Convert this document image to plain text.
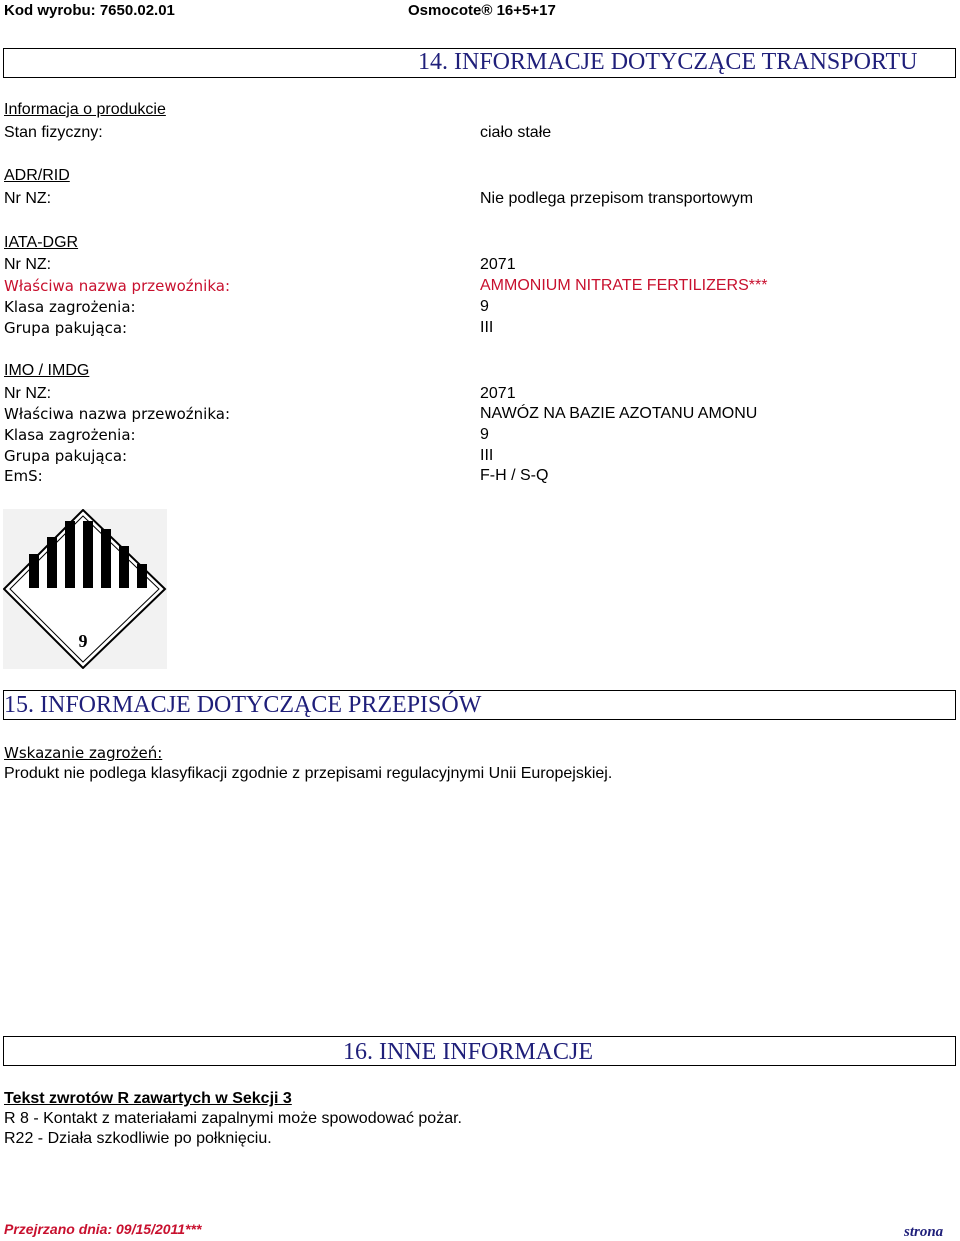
Kod wyrobu: 7650.02.01	Osmocote® 16+5+17
14. INFORMACJE DOTYCZĄCE TRANSPORTU
Informacja o produkcie
Stan fizyczny:	ciało stałe
ADR/RID
Nr NZ:	Nie podlega przepisom transportowym
IATA-DGR
Nr NZ:	2071
Właściwa nazwa przewoźnika:	AMMONIUM NITRATE FERTILIZERS***
Klasa zagrożenia:	9
Grupa pakująca:	III
IMO / IMDG
Nr NZ:	2071
Właściwa nazwa przewoźnika:	NAWÓZ NA BAZIE AZOTANU AMONU
Klasa zagrożenia:	9
Grupa pakująca:	III
EmS:	F-H / S-Q
9
15. INFORMACJE DOTYCZĄCE PRZEPISÓW
Wskazanie zagrożeń:
Produkt nie podlega klasyfikacji zgodnie z przepisami regulacyjnymi Unii Europejskiej.
16. INNE INFORMACJE
Tekst zwrotów R zawartych w Sekcji 3
R 8 - Kontakt z materiałami zapalnymi może spowodować pożar.
R22 - Działa szkodliwie po połknięciu.
Przejrzano dnia: 09/15/2011***	strona
